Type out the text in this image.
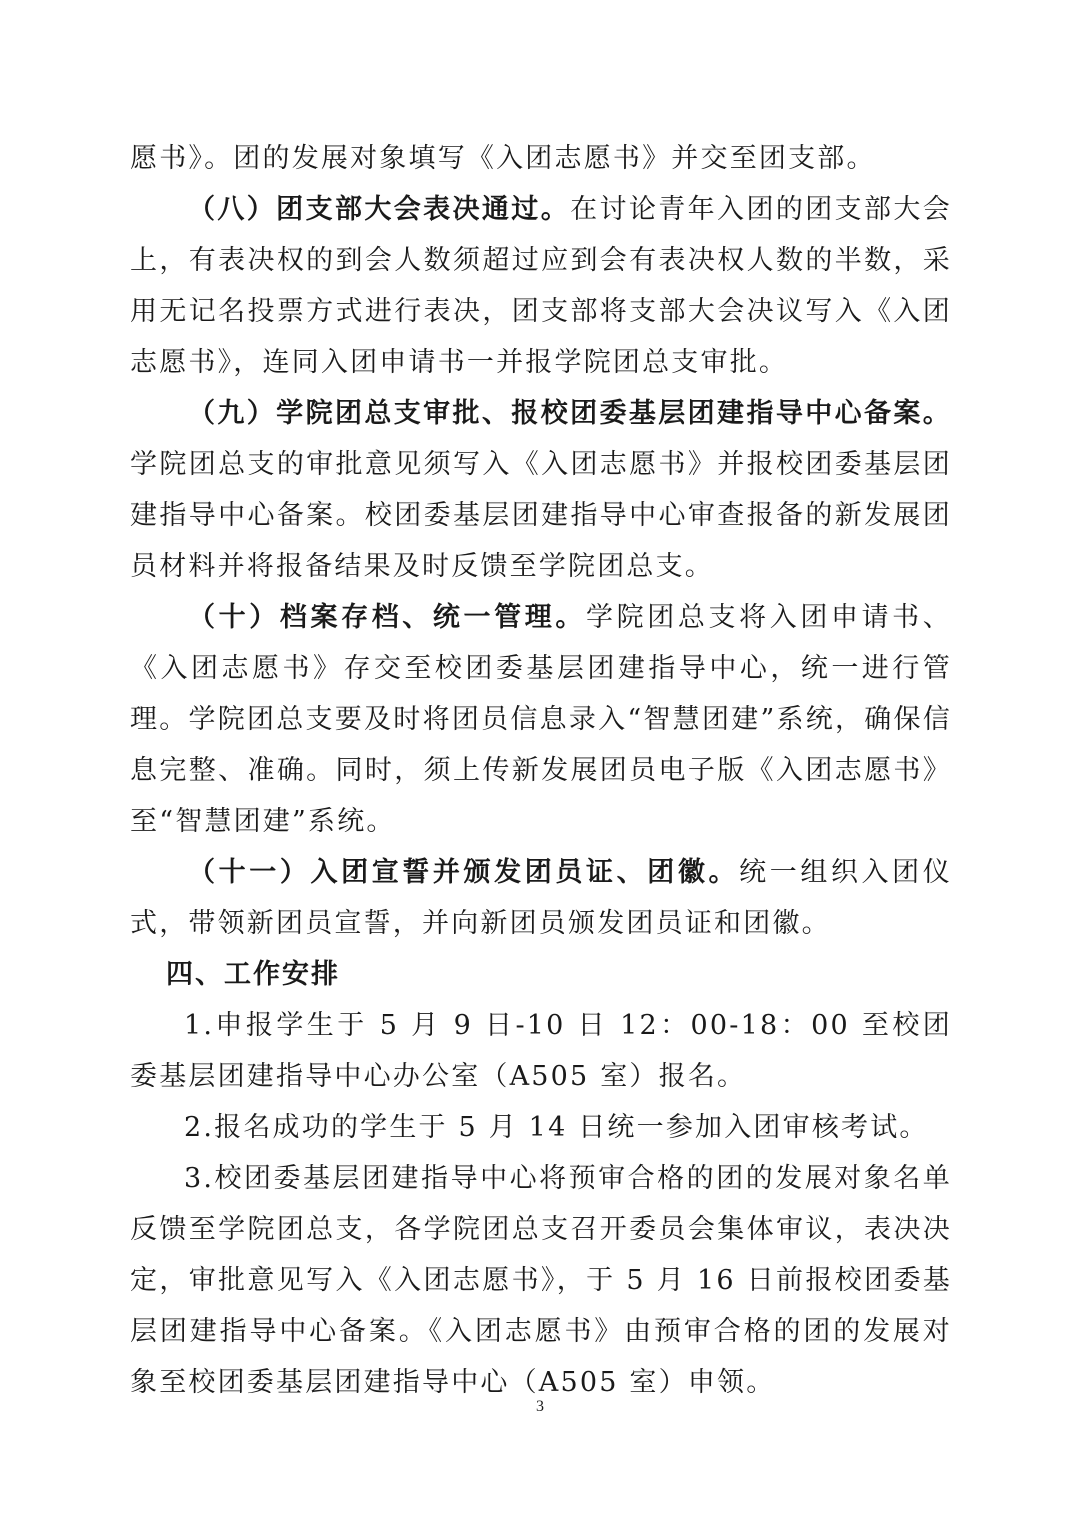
愿书》。团的发展对象填写《入团志愿书》并交至团支部。

（八）团支部大会表决通过。在讨论青年入团的团支部大会上，有表决权的到会人数须超过应到会有表决权人数的半数，采用无记名投票方式进行表决，团支部将支部大会决议写入《入团志愿书》，连同入团申请书一并报学院团总支审批。

（九）学院团总支审批、报校团委基层团建指导中心备案。学院团总支的审批意见须写入《入团志愿书》并报校团委基层团建指导中心备案。校团委基层团建指导中心审查报备的新发展团员材料并将报备结果及时反馈至学院团总支。

（十）档案存档、统一管理。学院团总支将入团申请书、《入团志愿书》存交至校团委基层团建指导中心，统一进行管理。学院团总支要及时将团员信息录入“智慧团建”系统，确保信息完整、准确。同时，须上传新发展团员电子版《入团志愿书》至“智慧团建”系统。

（十一）入团宣誓并颁发团员证、团徽。统一组织入团仪式，带领新团员宣誓，并向新团员颁发团员证和团徽。

四、工作安排

1.申报学生于 5 月 9 日-10 日 12：00-18：00 至校团委基层团建指导中心办公室（A505 室）报名。

2.报名成功的学生于 5 月 14 日统一参加入团审核考试。

3.校团委基层团建指导中心将预审合格的团的发展对象名单反馈至学院团总支，各学院团总支召开委员会集体审议，表决决定，审批意见写入《入团志愿书》，于 5 月 16 日前报校团委基层团建指导中心备案。《入团志愿书》由预审合格的团的发展对象至校团委基层团建指导中心（A505 室）申领。

3
